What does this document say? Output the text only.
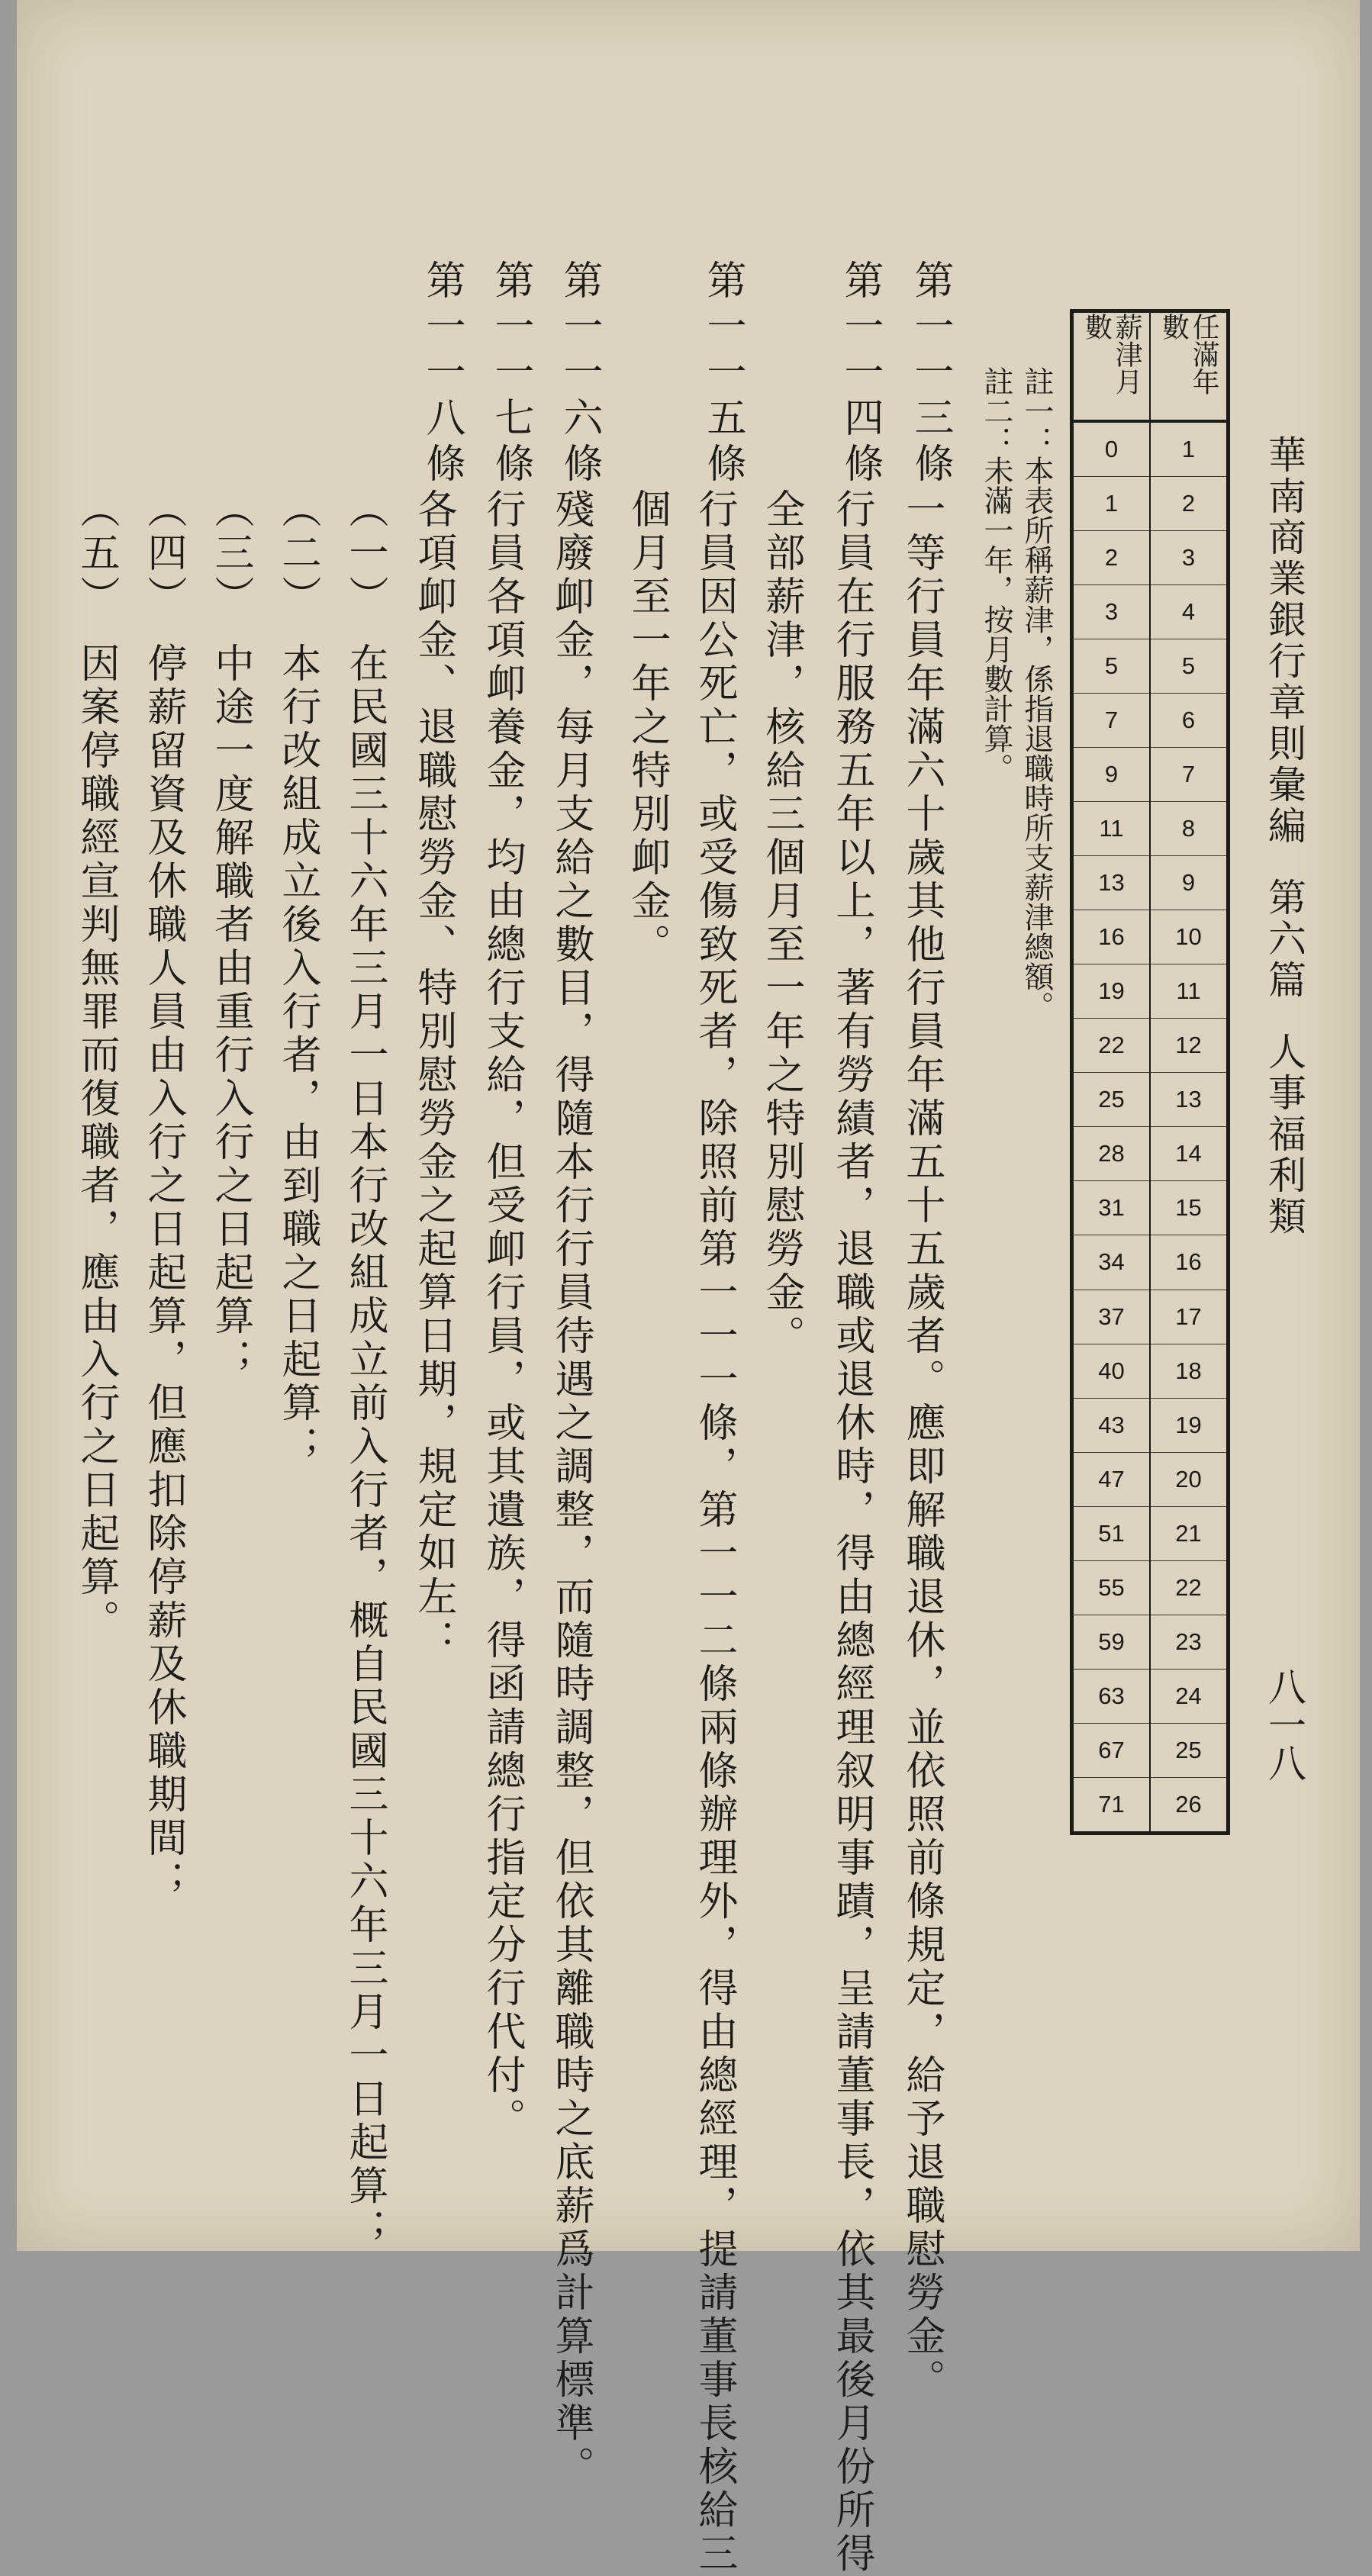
華南商業銀行章則彙編第六篇人事福利類
八一八
任滿年數
1
2
3
4
5
6
7
8
9
10
11
12
13
14
15
16
17
18
19
20
21
22
23
24
25
26
薪津月數
0
1
2
3
5
7
9
11
13
16
19
22
25
28
31
34
37
40
43
47
51
55
59
63
67
71
註一：本表所稱薪津，係指退職時所支薪津總額。
註二：未滿一年，按月數計算。
第一一三條
一等行員年滿六十歲其他行員年滿五十五歲者。應即解職退休，並依照前條規定，給予退職慰勞金。
第一一四條
行員在行服務五年以上，著有勞績者，退職或退休時，得由總經理叙明事蹟，呈請董事長，依其最後月份所得
全部薪津，核給三個月至一年之特別慰勞金。
第一一五條
行員因公死亡，或受傷致死者，除照前第一一一條，第一一二條兩條辦理外，得由總經理，提請董事長核給三
個月至一年之特別卹金。
第一一六條
殘廢卹金，每月支給之數目，得隨本行行員待遇之調整，而隨時調整，但依其離職時之底薪爲計算標準。
第一一七條
行員各項卹養金，均由總行支給，但受卹行員，或其遺族，得函請總行指定分行代付。
第一一八條
各項卹金、退職慰勞金、特別慰勞金之起算日期，規定如左：
（一）　在民國三十六年三月一日本行改組成立前入行者，概自民國三十六年三月一日起算；
（二）　本行改組成立後入行者，由到職之日起算；
（三）　中途一度解職者由重行入行之日起算；
（四）　停薪留資及休職人員由入行之日起算，但應扣除停薪及休職期間；
（五）　因案停職經宣判無罪而復職者，應由入行之日起算。
